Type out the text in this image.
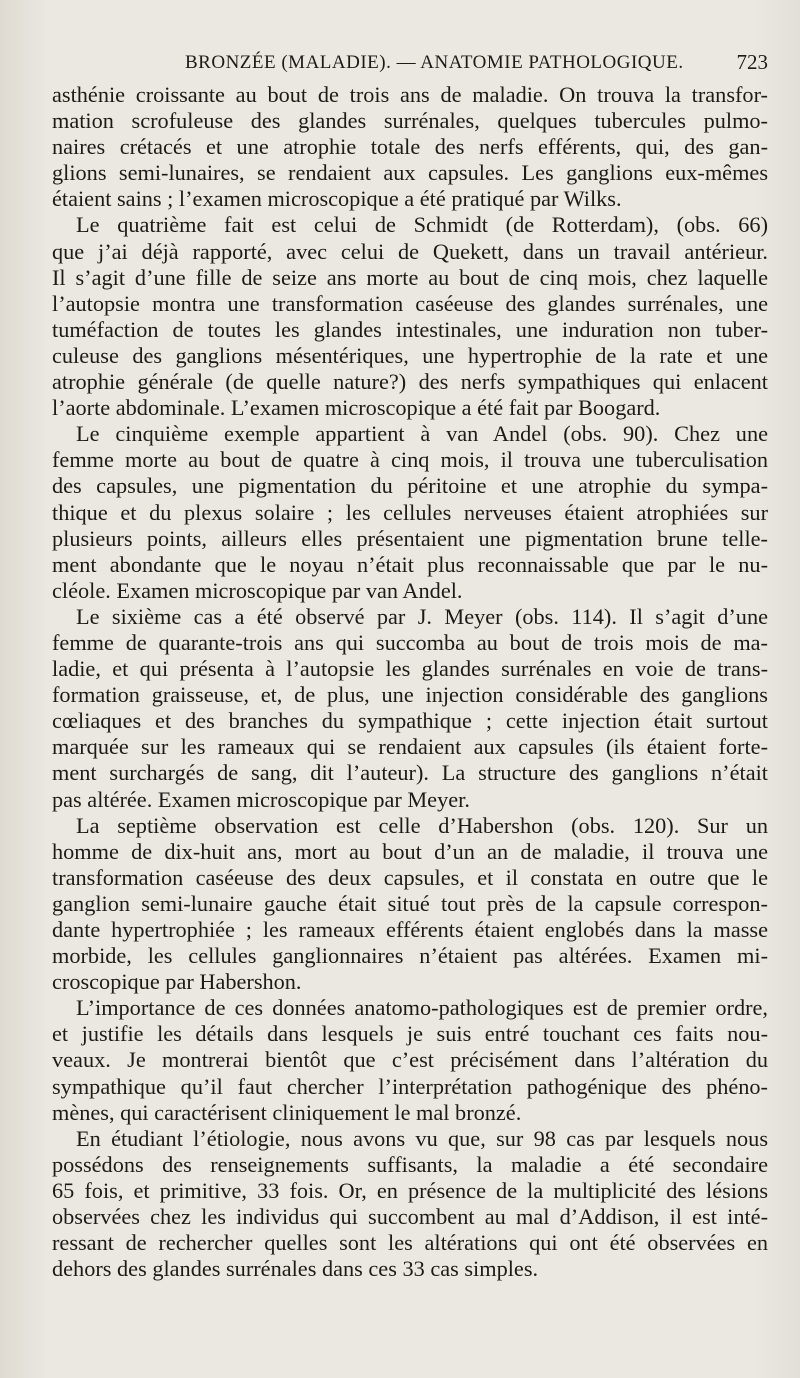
BRONZÉE (MALADIE). — ANATOMIE PATHOLOGIQUE.	723

asthénie croissante au bout de trois ans de maladie. On trouva la transfor-
mation scrofuleuse des glandes surrénales, quelques tubercules pulmo-
naires crétacés et une atrophie totale des nerfs efférents, qui, des gan-
glions semi-lunaires, se rendaient aux capsules. Les ganglions eux-mêmes
étaient sains ; l’examen microscopique a été pratiqué par Wilks.

Le quatrième fait est celui de Schmidt (de Rotterdam), (obs. 66)
que j’ai déjà rapporté, avec celui de Quekett, dans un travail antérieur.
Il s’agit d’une fille de seize ans morte au bout de cinq mois, chez laquelle
l’autopsie montra une transformation caséeuse des glandes surrénales, une
tuméfaction de toutes les glandes intestinales, une induration non tuber-
culeuse des ganglions mésentériques, une hypertrophie de la rate et une
atrophie générale (de quelle nature?) des nerfs sympathiques qui enlacent
l’aorte abdominale. L’examen microscopique a été fait par Boogard.

Le cinquième exemple appartient à van Andel (obs. 90). Chez une
femme morte au bout de quatre à cinq mois, il trouva une tuberculisation
des capsules, une pigmentation du péritoine et une atrophie du sympa-
thique et du plexus solaire ; les cellules nerveuses étaient atrophiées sur
plusieurs points, ailleurs elles présentaient une pigmentation brune telle-
ment abondante que le noyau n’était plus reconnaissable que par le nu-
cléole. Examen microscopique par van Andel.

Le sixième cas a été observé par J. Meyer (obs. 114). Il s’agit d’une
femme de quarante-trois ans qui succomba au bout de trois mois de ma-
ladie, et qui présenta à l’autopsie les glandes surrénales en voie de trans-
formation graisseuse, et, de plus, une injection considérable des ganglions
cœliaques et des branches du sympathique ; cette injection était surtout
marquée sur les rameaux qui se rendaient aux capsules (ils étaient forte-
ment surchargés de sang, dit l’auteur). La structure des ganglions n’était
pas altérée. Examen microscopique par Meyer.

La septième observation est celle d’Habershon (obs. 120). Sur un
homme de dix-huit ans, mort au bout d’un an de maladie, il trouva une
transformation caséeuse des deux capsules, et il constata en outre que le
ganglion semi-lunaire gauche était situé tout près de la capsule correspon-
dante hypertrophiée ; les rameaux efférents étaient englobés dans la masse
morbide, les cellules ganglionnaires n’étaient pas altérées. Examen mi-
croscopique par Habershon.

L’importance de ces données anatomo-pathologiques est de premier ordre,
et justifie les détails dans lesquels je suis entré touchant ces faits nou-
veaux. Je montrerai bientôt que c’est précisément dans l’altération du
sympathique qu’il faut chercher l’interprétation pathogénique des phéno-
mènes, qui caractérisent cliniquement le mal bronzé.

En étudiant l’étiologie, nous avons vu que, sur 98 cas par lesquels nous
possédons des renseignements suffisants, la maladie a été secondaire
65 fois, et primitive, 33 fois. Or, en présence de la multiplicité des lésions
observées chez les individus qui succombent au mal d’Addison, il est inté-
ressant de rechercher quelles sont les altérations qui ont été observées en
dehors des glandes surrénales dans ces 33 cas simples.
